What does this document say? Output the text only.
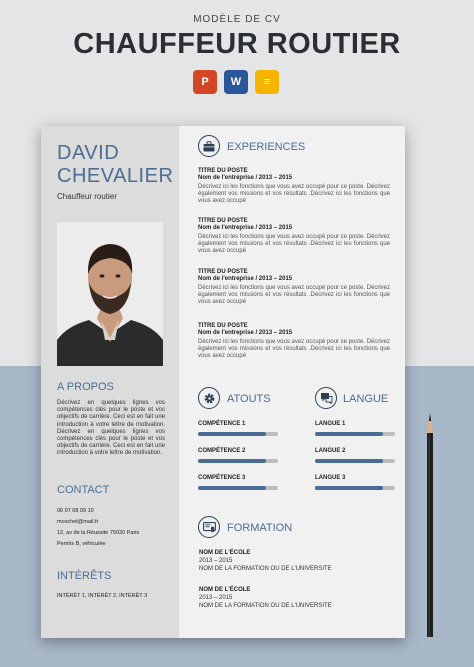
MODÈLE DE CV
CHAUFFEUR ROUTIER
P W ≡
DAVID
CHEVALIER
Chauffeur routier
A PROPOS
Décrivez en quelques lignes vos compétences clés pour le poste et vos objectifs de carrière. Ceci est en fait une introduction à votre lettre de motivation. Décrivez en quelques lignes vos compétences clés pour le poste et vos objectifs de carrière. Ceci est en fait une introduction à votre lettre de motivation.
CONTACT
06 07 08 09 10
mcochet@mail.fr
12, av de la Réussite 75020 Paris
Permis B, véhiculée
INTÉRÊTS
INTÉRÊT 1, INTÉRÊT 2, INTÉRÊT 3
EXPERIENCES
TITRE DU POSTE
Nom de l'entreprise / 2013 – 2015
Décrivez ici les fonctions que vous avez occupé pour ce poste. Décrivez également vos missions et vos résultats .Décrivez ici les fonctions que vous avez occupé
TITRE DU POSTE
Nom de l'entreprise / 2013 – 2015
Décrivez ici les fonctions que vous avez occupé pour ce poste. Décrivez également vos missions et vos résultats .Décrivez ici les fonctions que vous avez occupé
TITRE DU POSTE
Nom de l'entreprise / 2013 – 2015
Décrivez ici les fonctions que vous avez occupé pour ce poste. Décrivez également vos missions et vos résultats .Décrivez ici les fonctions que vous avez occupé
TITRE DU POSTE
Nom de l'entreprise / 2013 – 2015
Décrivez ici les fonctions que vous avez occupé pour ce poste. Décrivez également vos missions et vos résultats .Décrivez ici les fonctions que vous avez occupé
ATOUTS
COMPÉTENCE 1
COMPÉTENCE 2
COMPÉTENCE 3
LANGUE
LANGUE 1
LANGUE 2
LANGUE 3
FORMATION
NOM DE L'ÉCOLE
2013 – 2015
NOM DE LA FORMATION OU DE L'UNIVERSITE
NOM DE L'ÉCOLE
2013 – 2015
NOM DE LA FORMATION OU DE L'UNIVERSITE
